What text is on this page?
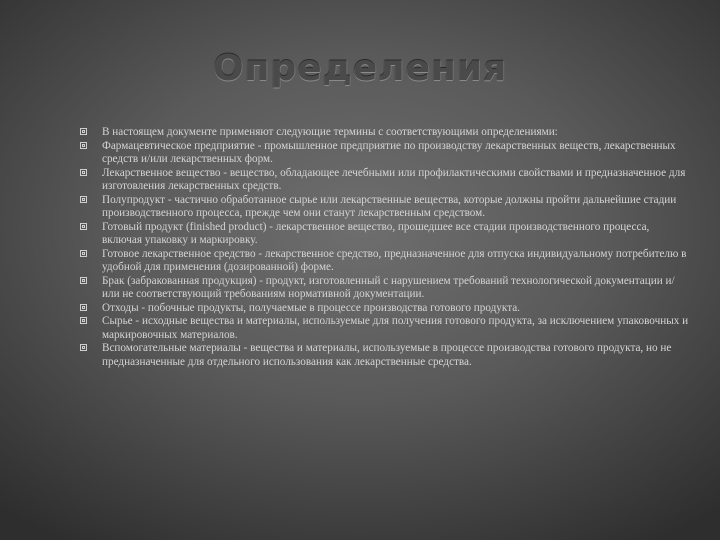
Определения
В настоящем документе применяют следующие термины с соответствующими определениями:
Фармацевтическое предприятие - промышленное предприятие по производству лекарственных веществ, лекарственных средств и/или лекарственных форм.
Лекарственное вещество - вещество, обладающее лечебными или профилактическими свойствами и предназначенное для изготовления лекарственных средств.
Полупродукт - частично обработанное сырье или лекарственные вещества, которые должны пройти дальнейшие стадии производственного процесса, прежде чем они станут лекарственным средством.
Готовый продукт (finished product) - лекарственное вещество, прошедшее все стадии производственного процесса, включая упаковку и маркировку.
Готовое лекарственное средство - лекарственное средство, предназначенное для отпуска индивидуальному потребителю в удобной для применения (дозированной) форме.
Брак (забракованная продукция) - продукт, изготовленный с нарушением требований технологической документации и/или не соответствующий требованиям нормативной документации.
Отходы - побочные продукты, получаемые в процессе производства готового продукта.
Сырье - исходные вещества и материалы, используемые для получения готового продукта, за исключением упаковочных и маркировочных материалов.
Вспомогательные материалы - вещества и материалы, используемые в процессе производства готового продукта, но не предназначенные для отдельного использования как лекарственные средства.
